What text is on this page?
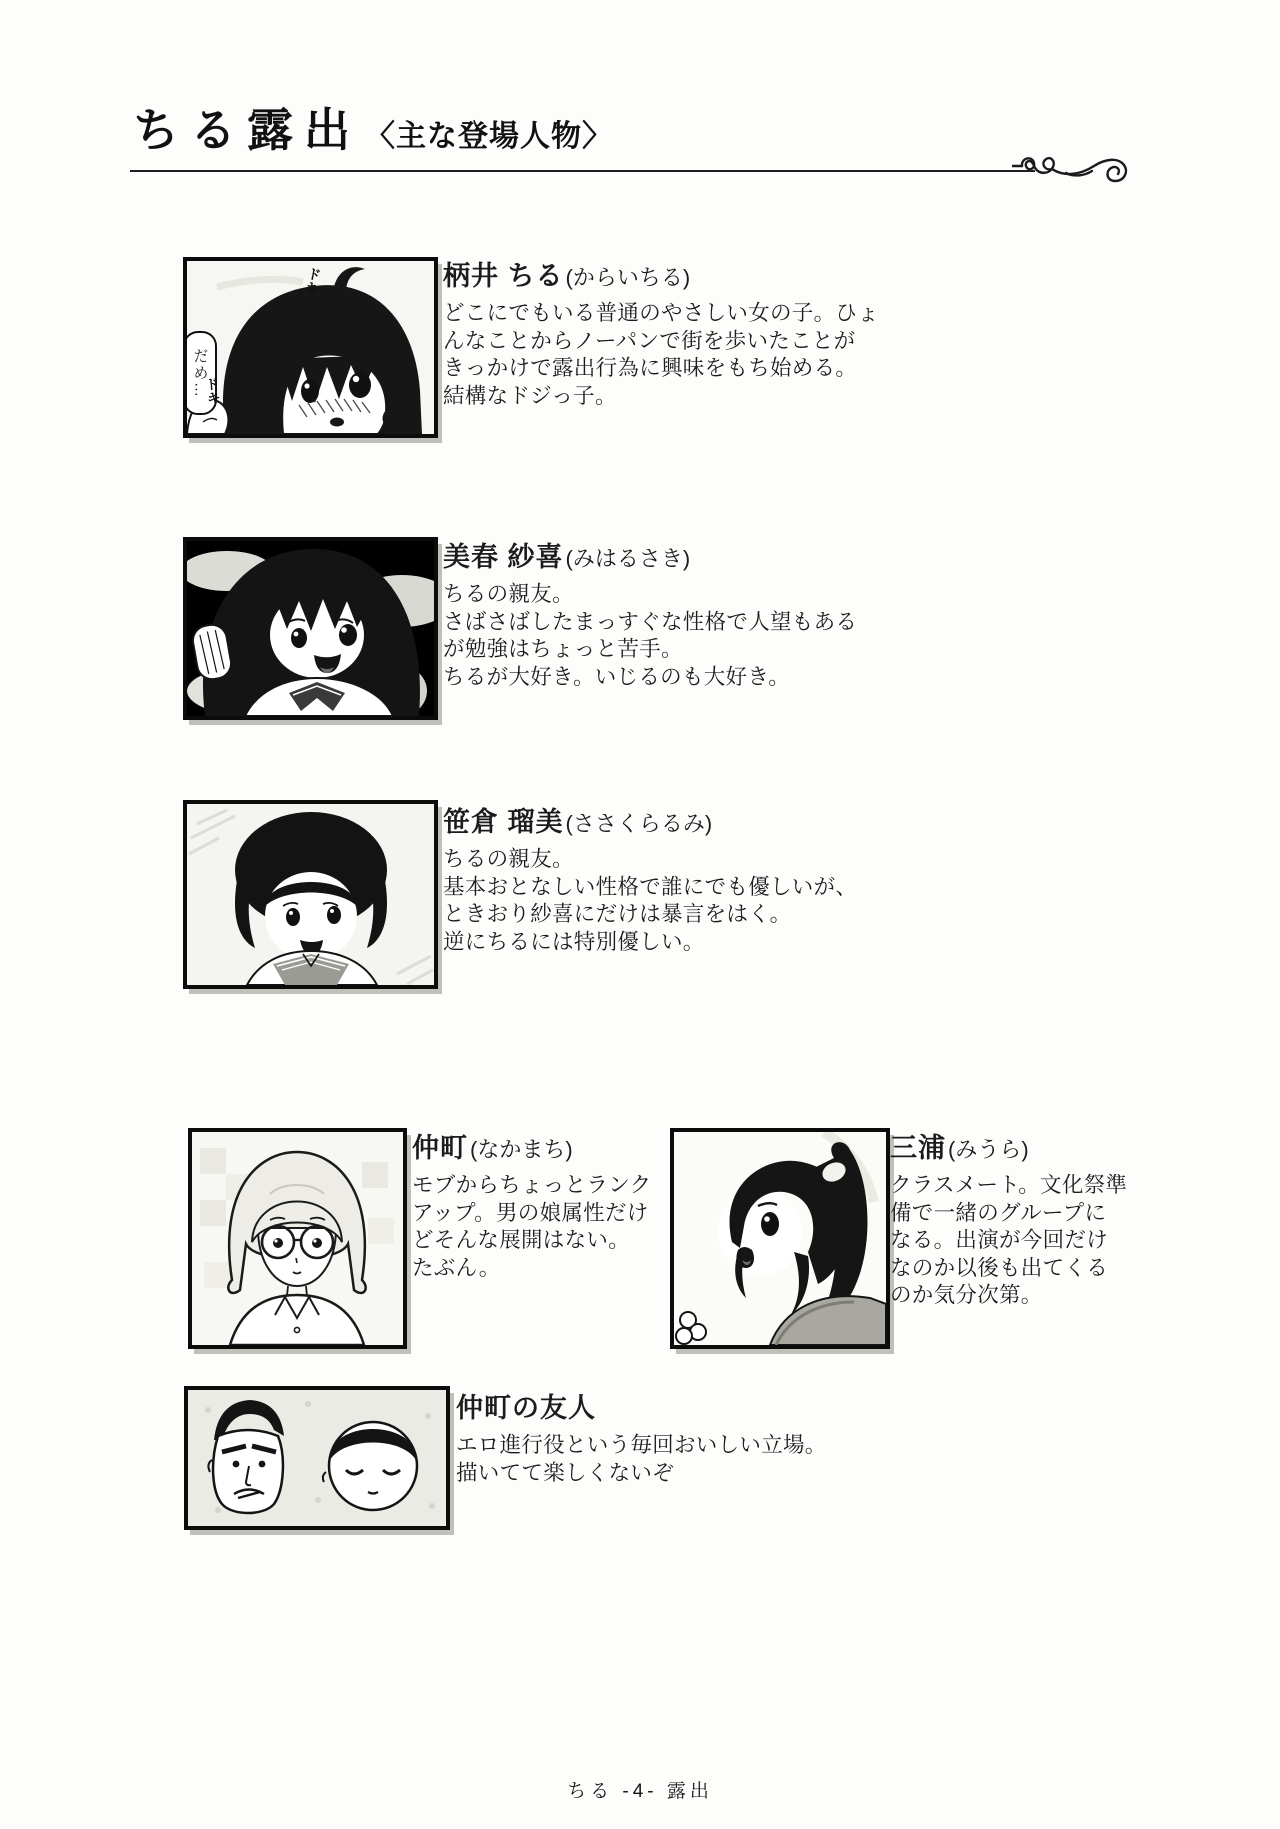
ちる露出 〈主な登場人物〉
だめ…
ドキ
ドキ
柄井 ちる(からいちる)
どこにでもいる普通のやさしい女の子。ひょ
んなことからノーパンで街を歩いたことが
きっかけで露出行為に興味をもち始める。
結構なドジっ子。
美春 紗喜(みはるさき)
ちるの親友。
さばさばしたまっすぐな性格で人望もある
が勉強はちょっと苦手。
ちるが大好き。いじるのも大好き。
笹倉 瑠美(ささくらるみ)
ちるの親友。
基本おとなしい性格で誰にでも優しいが、
ときおり紗喜にだけは暴言をはく。
逆にちるには特別優しい。
仲町(なかまち)
モブからちょっとランク
アップ。男の娘属性だけ
どそんな展開はない。
たぶん。
三浦(みうら)
クラスメート。文化祭準
備で一緒のグループに
なる。出演が今回だけ
なのか以後も出てくる
のか気分次第。
仲町の友人
エロ進行役という毎回おいしい立場。
描いてて楽しくないぞ
ちる -4- 露出
